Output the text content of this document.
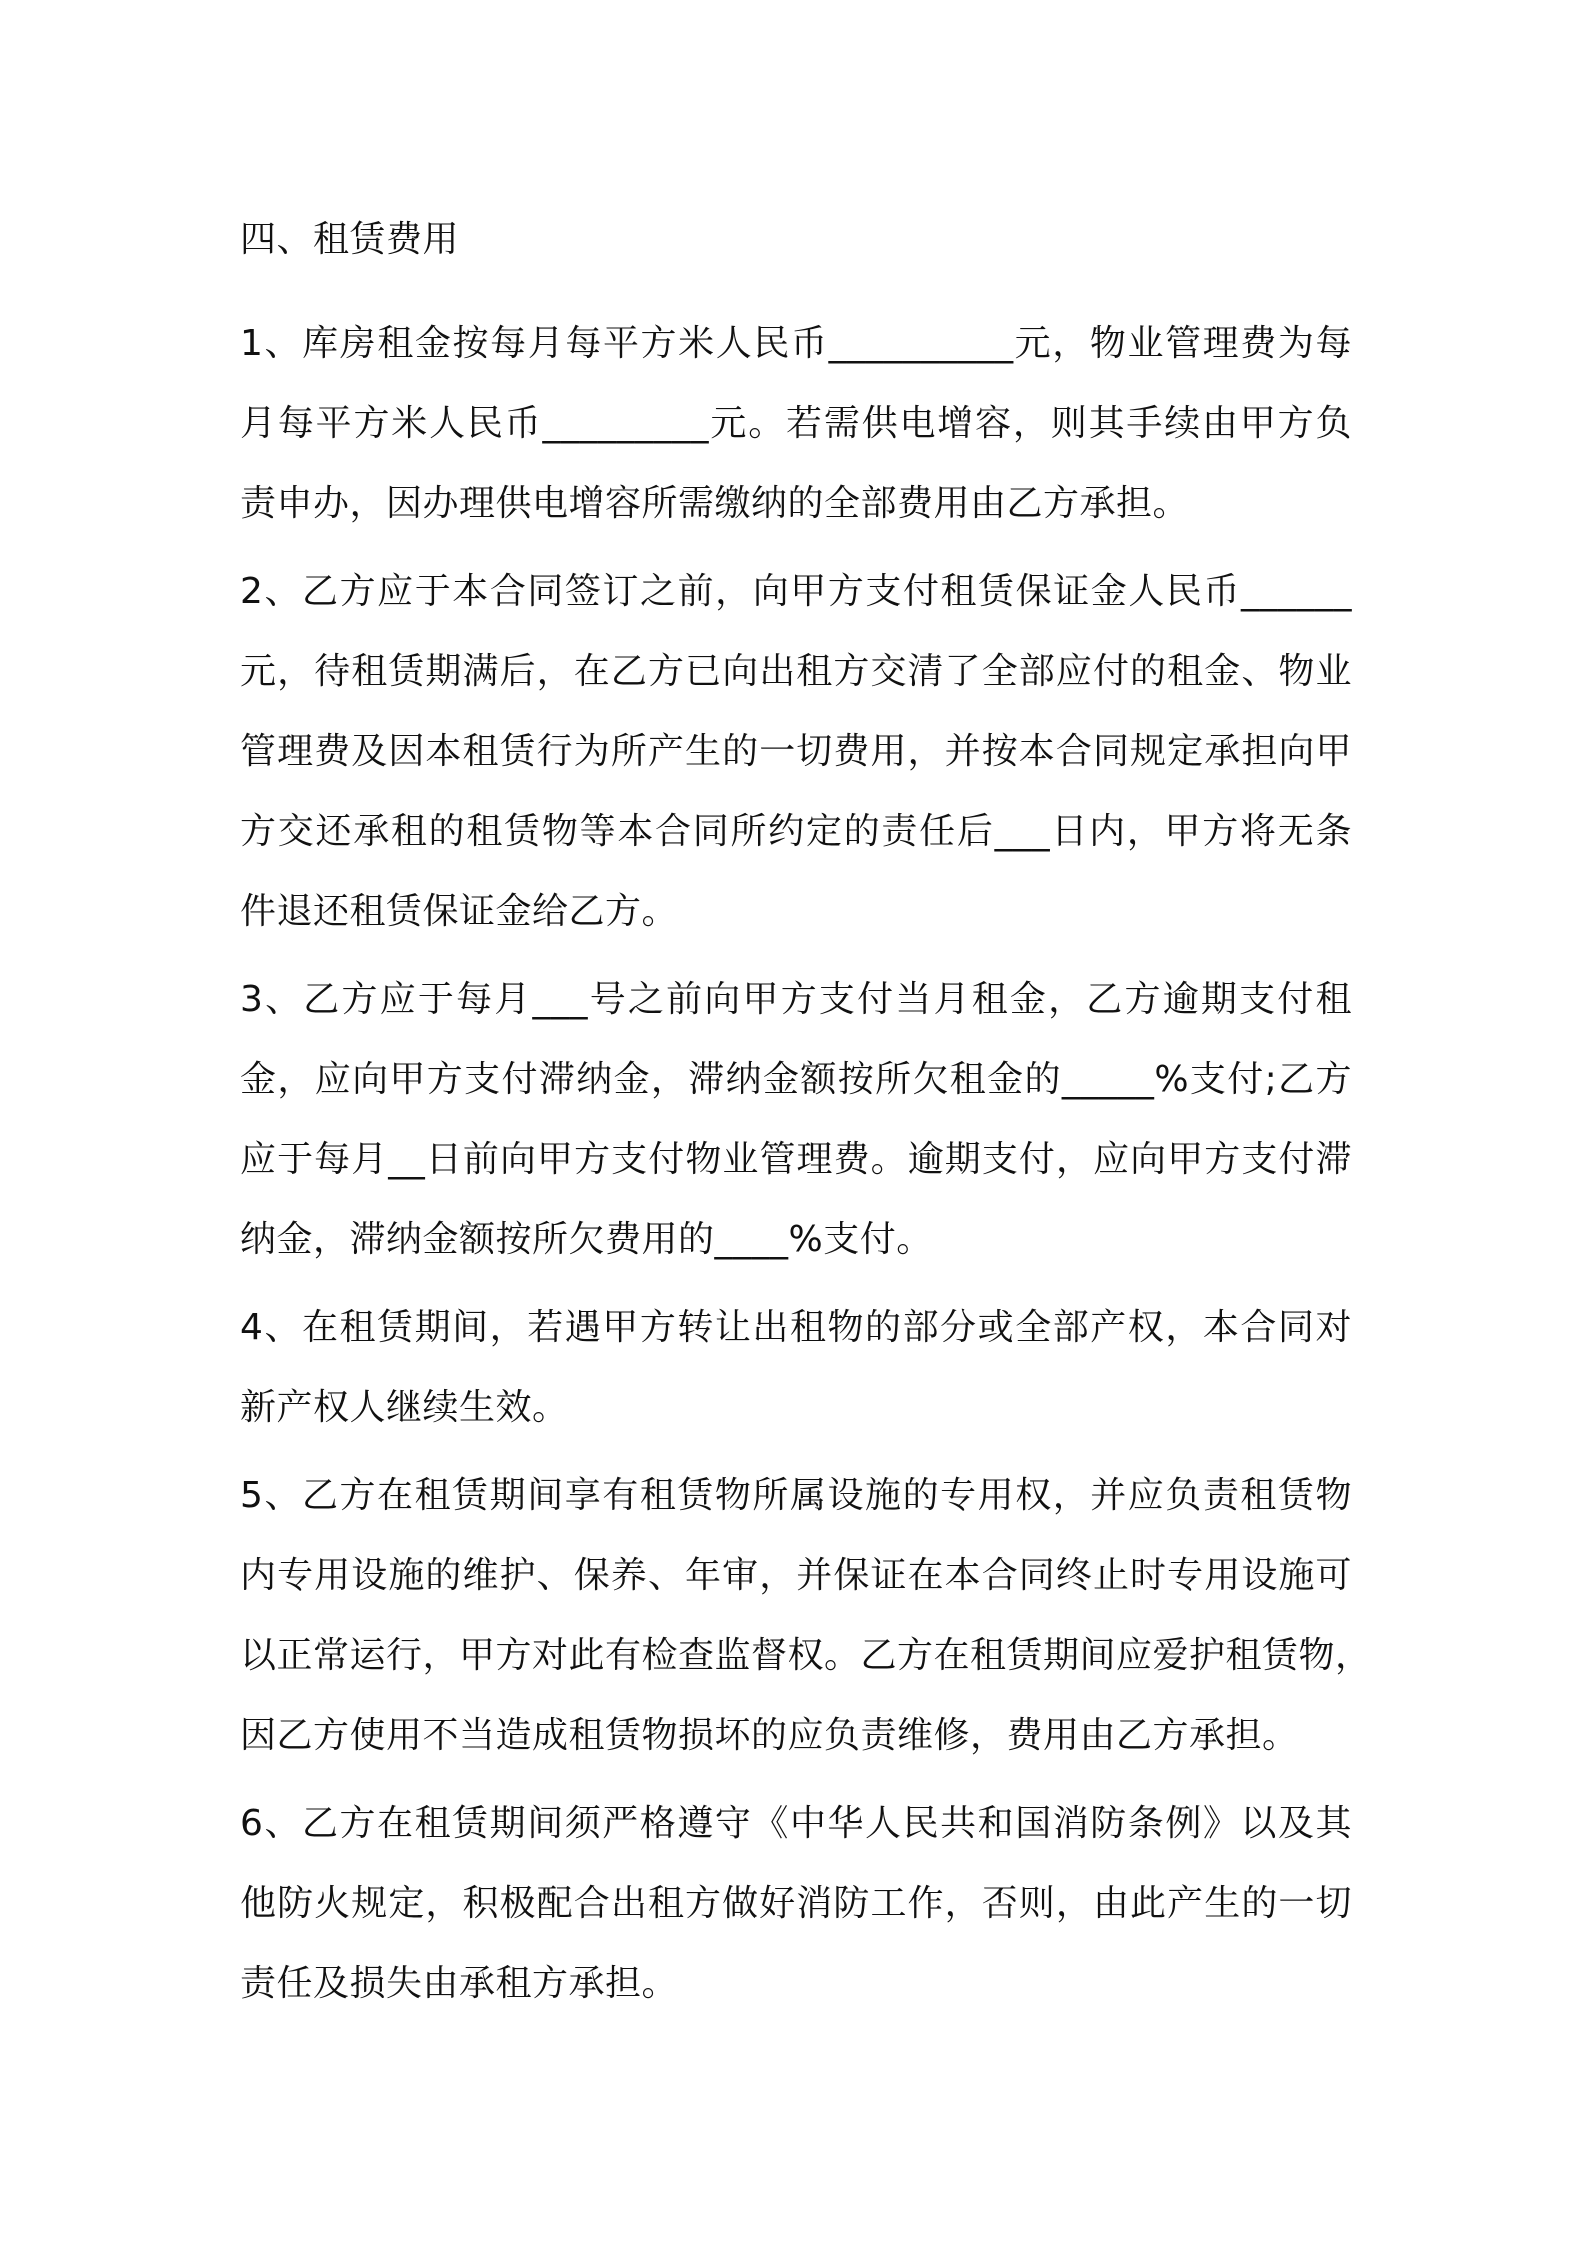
四、租赁费用
1、库房租金按每月每平方米人民币__________元，物业管理费为每
月每平方米人民币_________元。若需供电增容，则其手续由甲方负
责申办，因办理供电增容所需缴纳的全部费用由乙方承担。
2、乙方应于本合同签订之前，向甲方支付租赁保证金人民币______
元，待租赁期满后，在乙方已向出租方交清了全部应付的租金、物业
管理费及因本租赁行为所产生的一切费用，并按本合同规定承担向甲
方交还承租的租赁物等本合同所约定的责任后___日内，甲方将无条
件退还租赁保证金给乙方。
3、乙方应于每月___号之前向甲方支付当月租金，乙方逾期支付租
金，应向甲方支付滞纳金，滞纳金额按所欠租金的_____%支付;乙方
应于每月__日前向甲方支付物业管理费。逾期支付，应向甲方支付滞
纳金，滞纳金额按所欠费用的____%支付。
4、在租赁期间，若遇甲方转让出租物的部分或全部产权，本合同对
新产权人继续生效。
5、乙方在租赁期间享有租赁物所属设施的专用权，并应负责租赁物
内专用设施的维护、保养、年审，并保证在本合同终止时专用设施可
以正常运行，甲方对此有检查监督权。乙方在租赁期间应爱护租赁物，
因乙方使用不当造成租赁物损坏的应负责维修，费用由乙方承担。
6、乙方在租赁期间须严格遵守《中华人民共和国消防条例》以及其
他防火规定，积极配合出租方做好消防工作，否则，由此产生的一切
责任及损失由承租方承担。
